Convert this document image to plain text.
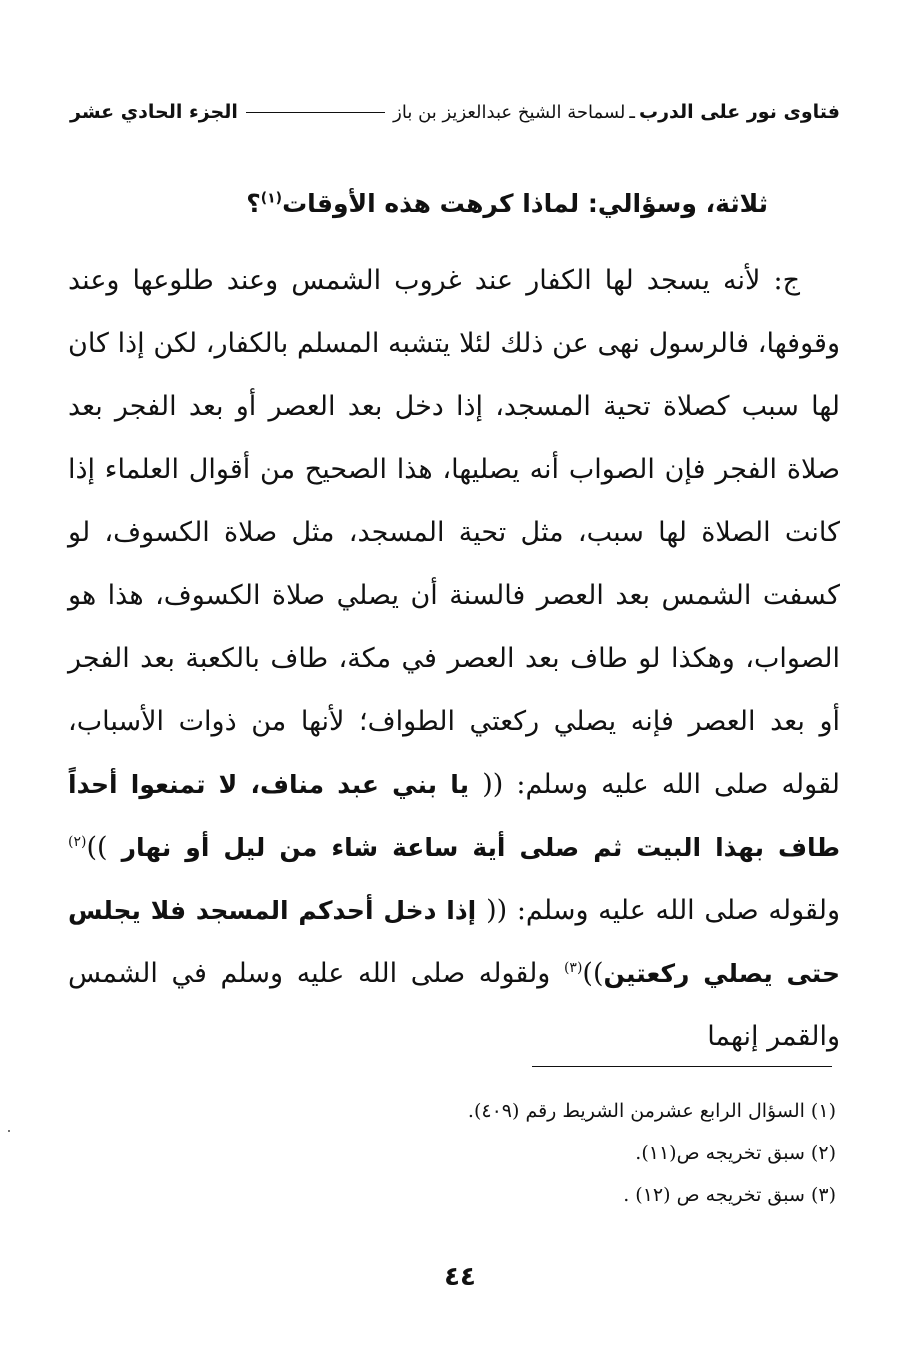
فتاوى نور على الدرب
ـ
لسماحة الشيخ عبدالعزيز بن باز
الجزء الحادي عشر

ثلاثة، وسؤالي: لماذا كرهت هذه الأوقات$^{(١)}$؟

ج: لأنه يسجد لها الكفار عند غروب الشمس وعند طلوعها وعند وقوفها، فالرسول نهى عن ذلك لئلا يتشبه المسلم بالكفار، لكن إذا كان لها سبب كصلاة تحية المسجد، إذا دخل بعد العصر أو بعد الفجر بعد صلاة الفجر فإن الصواب أنه يصليها، هذا الصحيح من أقوال العلماء إذا كانت الصلاة لها سبب، مثل تحية المسجد، مثل صلاة الكسوف، لو كسفت الشمس بعد العصر فالسنة أن يصلي صلاة الكسوف، هذا هو الصواب، وهكذا لو طاف بعد العصر في مكة، طاف بالكعبة بعد الفجر أو بعد العصر فإنه يصلي ركعتي الطواف؛ لأنها من ذوات الأسباب، لقوله صلى الله عليه وسلم: (( يا بني عبد مناف، لا تمنعوا أحداً طاف بهذا البيت ثم صلى أية ساعة شاء من ليل أو نهار ))$^{(٢)}$ ولقوله صلى الله عليه وسلم: (( إذا دخل أحدكم المسجد فلا يجلس حتى يصلي ركعتين))$^{(٣)}$ ولقوله صلى الله عليه وسلم في الشمس والقمر إنهما

(١) السؤال الرابع عشرمن الشريط رقم (٤٠٩).
(٢) سبق تخريجه ص(١١).
(٣) سبق تخريجه ص (١٢) .
٤٤
